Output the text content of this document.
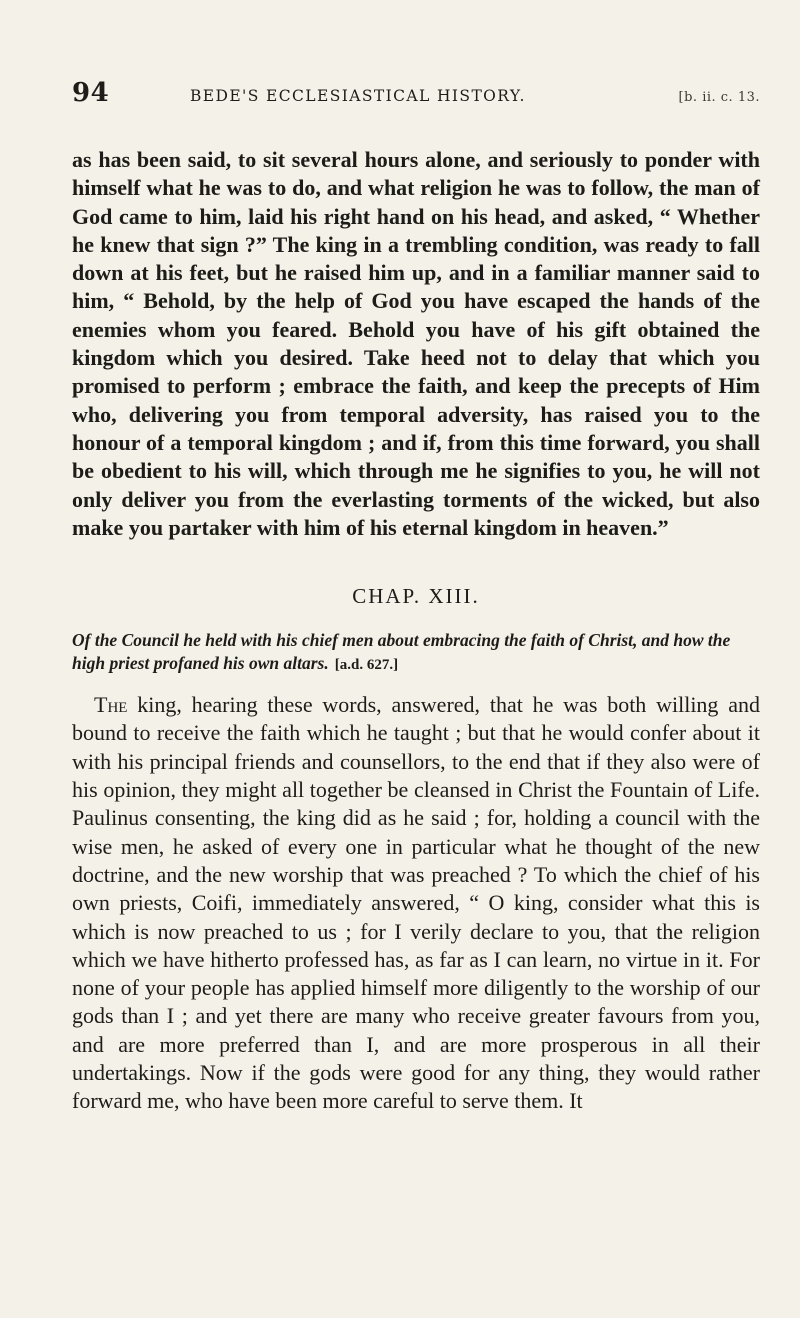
94	BEDE'S ECCLESIASTICAL HISTORY.	[b. ii. c. 13.

as has been said, to sit several hours alone, and seriously to ponder with himself what he was to do, and what religion he was to follow, the man of God came to him, laid his right hand on his head, and asked, “ Whether he knew that sign ?” The king in a trembling condition, was ready to fall down at his feet, but he raised him up, and in a familiar manner said to him, “ Behold, by the help of God you have escaped the hands of the enemies whom you feared. Behold you have of his gift obtained the kingdom which you desired. Take heed not to delay that which you promised to perform ; embrace the faith, and keep the precepts of Him who, delivering you from temporal adversity, has raised you to the honour of a temporal kingdom ; and if, from this time forward, you shall be obedient to his will, which through me he signifies to you, he will not only deliver you from the everlasting torments of the wicked, but also make you partaker with him of his eternal kingdom in heaven.”

CHAP. XIII.

Of the Council he held with his chief men about embracing the faith of Christ, and how the high priest profaned his own altars. [a.d. 627.]

The king, hearing these words, answered, that he was both willing and bound to receive the faith which he taught ; but that he would confer about it with his principal friends and counsellors, to the end that if they also were of his opinion, they might all together be cleansed in Christ the Fountain of Life. Paulinus consenting, the king did as he said ; for, holding a council with the wise men, he asked of every one in particular what he thought of the new doctrine, and the new worship that was preached ? To which the chief of his own priests, Coifi, immediately answered, “ O king, consider what this is which is now preached to us ; for I verily declare to you, that the religion which we have hitherto professed has, as far as I can learn, no virtue in it. For none of your people has applied himself more diligently to the worship of our gods than I ; and yet there are many who receive greater favours from you, and are more preferred than I, and are more prosperous in all their undertakings. Now if the gods were good for any thing, they would rather forward me, who have been more careful to serve them. It
